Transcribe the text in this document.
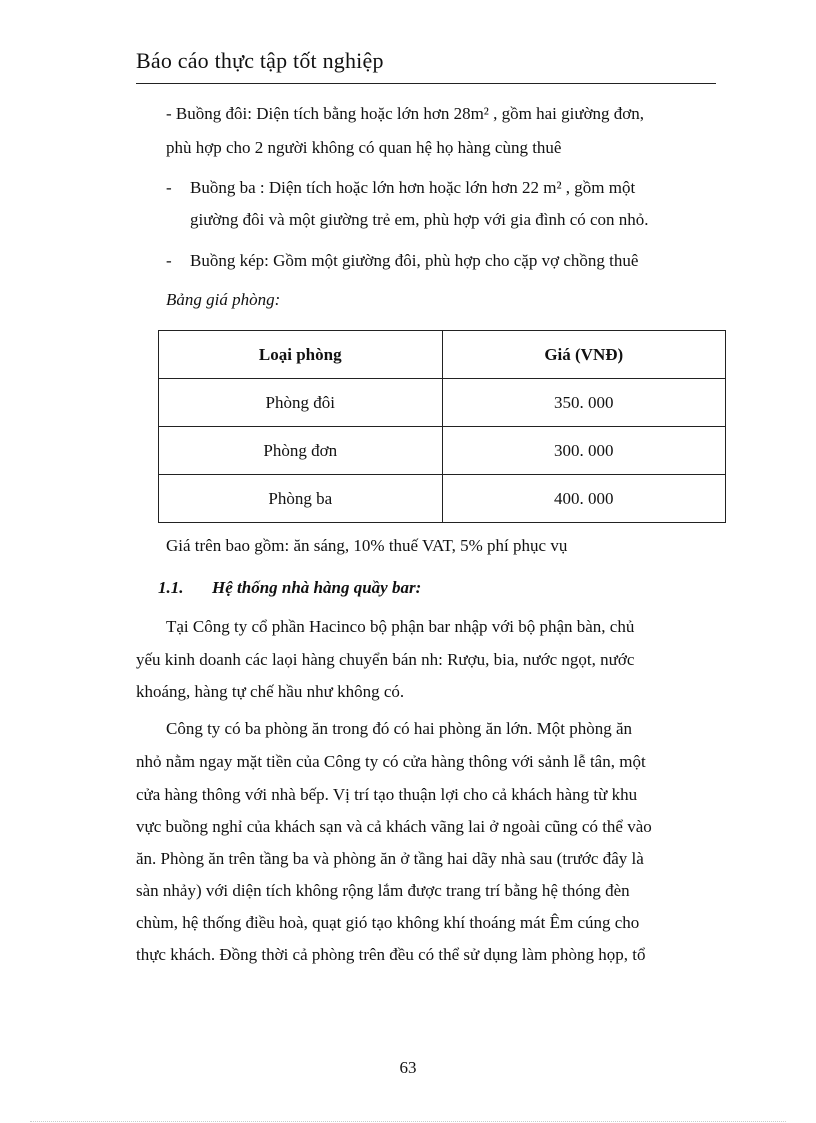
Báo cáo thực tập tốt nghiệp
- Buồng đôi: Diện tích bằng hoặc lớn hơn 28m² , gồm hai giường đơn,
phù hợp cho 2 người không có quan hệ họ hàng cùng thuê
- Buồng ba : Diện tích hoặc lớn hơn hoặc lớn hơn 22 m² , gồm một
giường đôi và một giường trẻ em, phù hợp với gia đình có con nhỏ.
- Buồng kép: Gồm một giường đôi, phù hợp cho cặp vợ chồng thuê
Bảng giá phòng:
Loại phòng	Giá (VNĐ)
Phòng đôi	350. 000
Phòng đơn	300. 000
Phòng ba	400. 000
Giá trên bao gồm: ăn sáng, 10% thuế VAT, 5% phí phục vụ
1.1. Hệ thống nhà hàng quầy bar:
Tại Công ty cổ phần Hacinco bộ phận bar nhập với bộ phận bàn, chủ
yếu kinh doanh các laọi hàng chuyển bán nh: Rượu, bia, nước ngọt, nước
khoáng, hàng tự chế hầu như không có.
Công ty có ba phòng ăn trong đó có hai phòng ăn lớn. Một phòng ăn
nhỏ nằm ngay mặt tiền của Công ty có cửa hàng thông với sảnh lễ tân, một
cửa hàng thông với nhà bếp. Vị trí tạo thuận lợi cho cả khách hàng từ khu
vực buồng nghỉ của khách sạn và cả khách vãng lai ở ngoài cũng có thể vào
ăn. Phòng ăn trên tầng ba và phòng ăn ở tầng hai dãy nhà sau (trước đây là
sàn nhảy) với diện tích không rộng lắm được trang trí bằng hệ thóng đèn
chùm, hệ thống điều hoà, quạt gió tạo không khí thoáng mát Êm cúng cho
thực khách. Đồng thời cả phòng trên đều có thể sử dụng làm phòng họp, tổ
63
